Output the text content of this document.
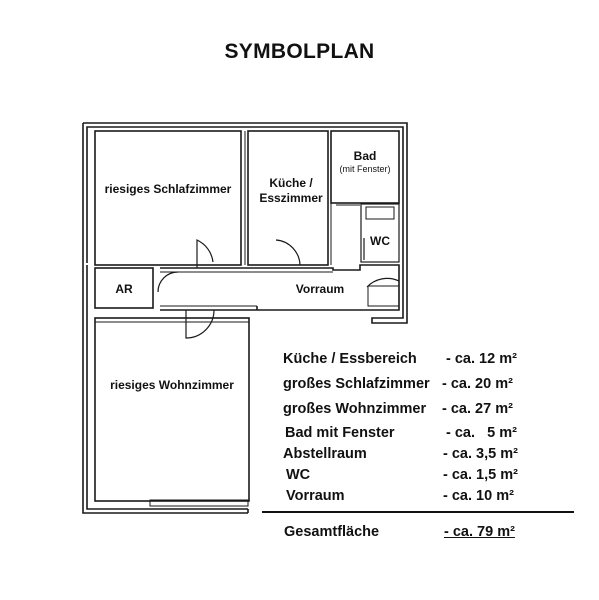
SYMBOLPLAN
riesiges Schlafzimmer	Küche /
Esszimmer
Bad
(mit Fenster)
WC
AR	Vorraum
riesiges Wohnzimmer
Küche / Essbereich - ca. 12 m²
großes Schlafzimmer - ca. 20 m²
großes Wohnzimmer - ca. 27 m²
Bad mit Fenster	- ca.   5 m²
Abstellraum	- ca. 3,5 m²
WC	- ca. 1,5 m²
Vorraum	- ca. 10 m²
Gesamtfläche	- ca. 79 m²
